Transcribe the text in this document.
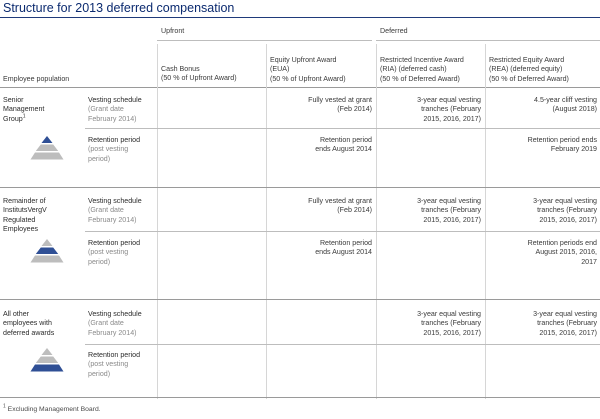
Structure for 2013 deferred compensation
Upfront	Deferred
Employee population
Cash Bonus
(50 % of Upfront Award)
Equity Upfront Award
(EUA)
(50 % of Upfront Award)
Restricted Incentive Award
(RIA) (deferred cash)
(50 % of Deferred Award)
Restricted Equity Award
(REA) (deferred equity)
(50 % of Deferred Award)
Senior
Management
Group$^1$
Vesting schedule
(Grant date
February 2014)
Fully vested at grant
(Feb 2014)
3-year equal vesting
tranches (February
2015, 2016, 2017)
4.5-year cliff vesting
(August 2018)
Retention period
(post vesting
period)
Retention period
ends August 2014
Retention period ends
February 2019
Remainder of
InstitutsVergV
Regulated
Employees
Vesting schedule
(Grant date
February 2014)
Fully vested at grant
(Feb 2014)
3-year equal vesting
tranches (February
2015, 2016, 2017)
3-year equal vesting
tranches (February
2015, 2016, 2017)
Retention period
(post vesting
period)
Retention period
ends August 2014
Retention periods end
August 2015, 2016,
2017
All other
employees with
deferred awards
Vesting schedule
(Grant date
February 2014)
3-year equal vesting
tranches (February
2015, 2016, 2017)
3-year equal vesting
tranches (February
2015, 2016, 2017)
Retention period
(post vesting
period)
$^1$ Excluding Management Board.
